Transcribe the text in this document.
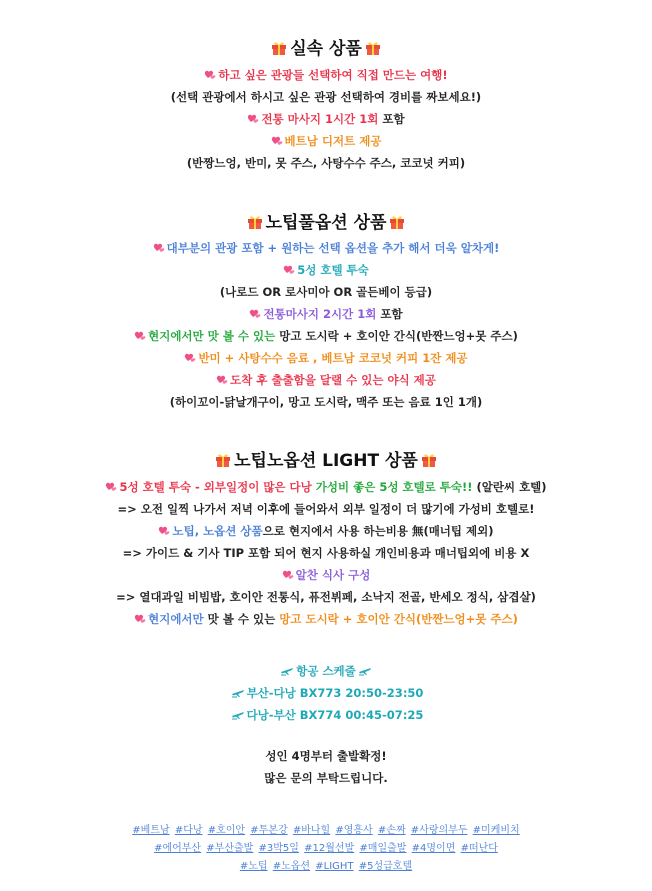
실속 상품
하고 싶은 관광들 선택하여 직접 만드는 여행!
(선택 관광에서 하시고 싶은 관광 선택하여 경비를 짜보세요!)
전통 마사지 1시간 1회 포함
베트남 디저트 제공
(반짱느엉, 반미, 못 주스, 사탕수수 주스, 코코넛 커피)
노팁풀옵션 상품
대부분의 관광 포함 + 원하는 선택 옵션을 추가 해서 더욱 알차게!
5성 호텔 투숙
(나로드 OR 로사미아 OR 골든베이 등급)
전통마사지 2시간 1회 포함
현지에서만 맛 볼 수 있는 망고 도시락 + 호이안 간식(반짠느엉+못 주스)
반미 + 사탕수수 음료 , 베트남 코코넛 커피 1잔 제공
도착 후 출출함을 달랠 수 있는 야식 제공
(하이꼬이-닭날개구이, 망고 도시락, 맥주 또는 음료 1인 1개)
노팁노옵션 LIGHT 상품
5성 호텔 투숙 - 외부일정이 많은 다낭 가성비 좋은 5성 호텔로 투숙!! (알란씨 호텔)
=> 오전 일찍 나가서 저녁 이후에 들어와서 외부 일정이 더 많기에 가성비 호텔로!
노팁, 노옵션 상품으로 현지에서 사용 하는비용 無(매너팁 제외)
=> 가이드 & 기사 TIP 포함 되어 현지 사용하실 개인비용과 매너팁외에 비용 X
알찬 식사 구성
=> 열대과일 비빔밥, 호이안 전통식, 퓨전뷔페, 소낙지 전골, 반세오 정식, 삼겹살)
현지에서만 맛 볼 수 있는 망고 도시락 + 호이안 간식(반짠느엉+못 주스)
항공 스케줄
부산-다낭 BX773 20:50-23:50
다낭-부산 BX774 00:45-07:25
성인 4명부터 출발확정!
많은 문의 부탁드립니다.
#베트남 #다낭 #호이안 #투본강 #바나힐 #영흥사 #손짜 #사랑의부두 #미케비치
#에어부산 #부산출발 #3박5일 #12월선발 #매일출발 #4명이면 #떠난다
#노팁 #노옵션 #LIGHT #5성급호텔
